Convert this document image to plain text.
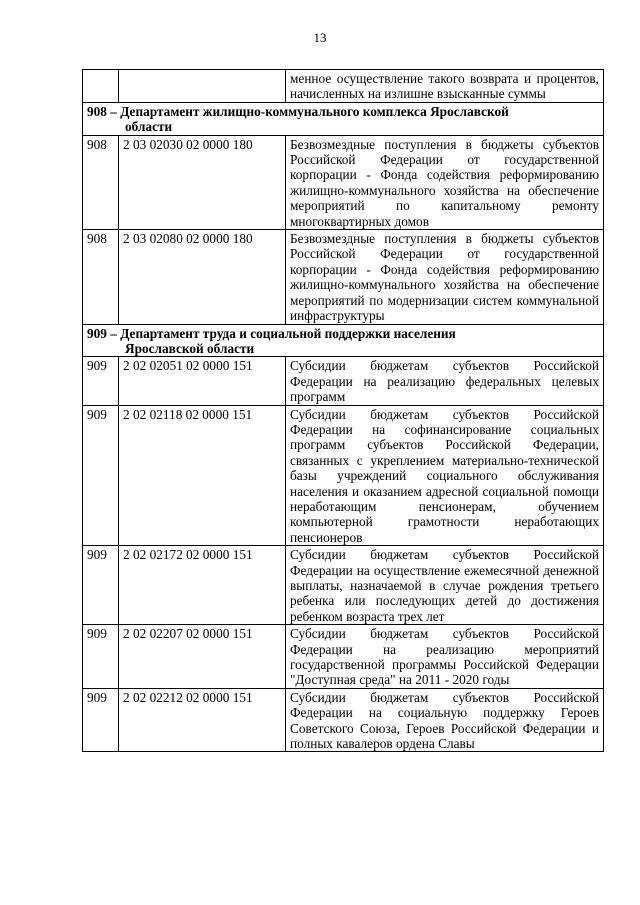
13
		менное осуществление такого возврата и процентов, начисленных на излишне взысканные суммы
908 – Департамент жилищно-коммунального комплекса Ярославской
области		

908	2 03 02030 02 0000 180	Безвозмездные поступления в бюджеты субъектов Российской Федерации от государственной корпорации - Фонда содействия реформированию жилищно-коммунального хозяйства на обеспечение мероприятий по капитальному ремонту многоквартирных домов
908	2 03 02080 02 0000 180	Безвозмездные поступления в бюджеты субъектов Российской Федерации от государственной корпорации - Фонда содействия реформированию жилищно-коммунального хозяйства на обеспечение мероприятий по модернизации систем коммунальной инфраструктуры
909 – Департамент труда и социальной поддержки населения
Ярославской области		

909	2 02 02051 02 0000 151	Субсидии бюджетам субъектов Российской Федерации на реализацию федеральных целевых программ
909	2 02 02118 02 0000 151	Субсидии бюджетам субъектов Российской Федерации на софинансирование социальных программ субъектов Российской Федерации, связанных с укреплением материально-технической базы учреждений социального обслуживания населения и оказанием адресной социальной помощи неработающим пенсионерам, обучением компьютерной грамотности неработающих пенсионеров
909	2 02 02172 02 0000 151	Субсидии бюджетам субъектов Российской Федерации на осуществление ежемесячной денежной выплаты, назначаемой в случае рождения третьего ребенка или последующих детей до достижения ребенком возраста трех лет
909	2 02 02207 02 0000 151	Субсидии бюджетам субъектов Российской Федерации на реализацию мероприятий государственной программы Российской Федерации "Доступная среда" на 2011 - 2020 годы
909	2 02 02212 02 0000 151	Субсидии бюджетам субъектов Российской Федерации на социальную поддержку Героев Советского Союза, Героев Российской Федерации и полных кавалеров ордена Славы
